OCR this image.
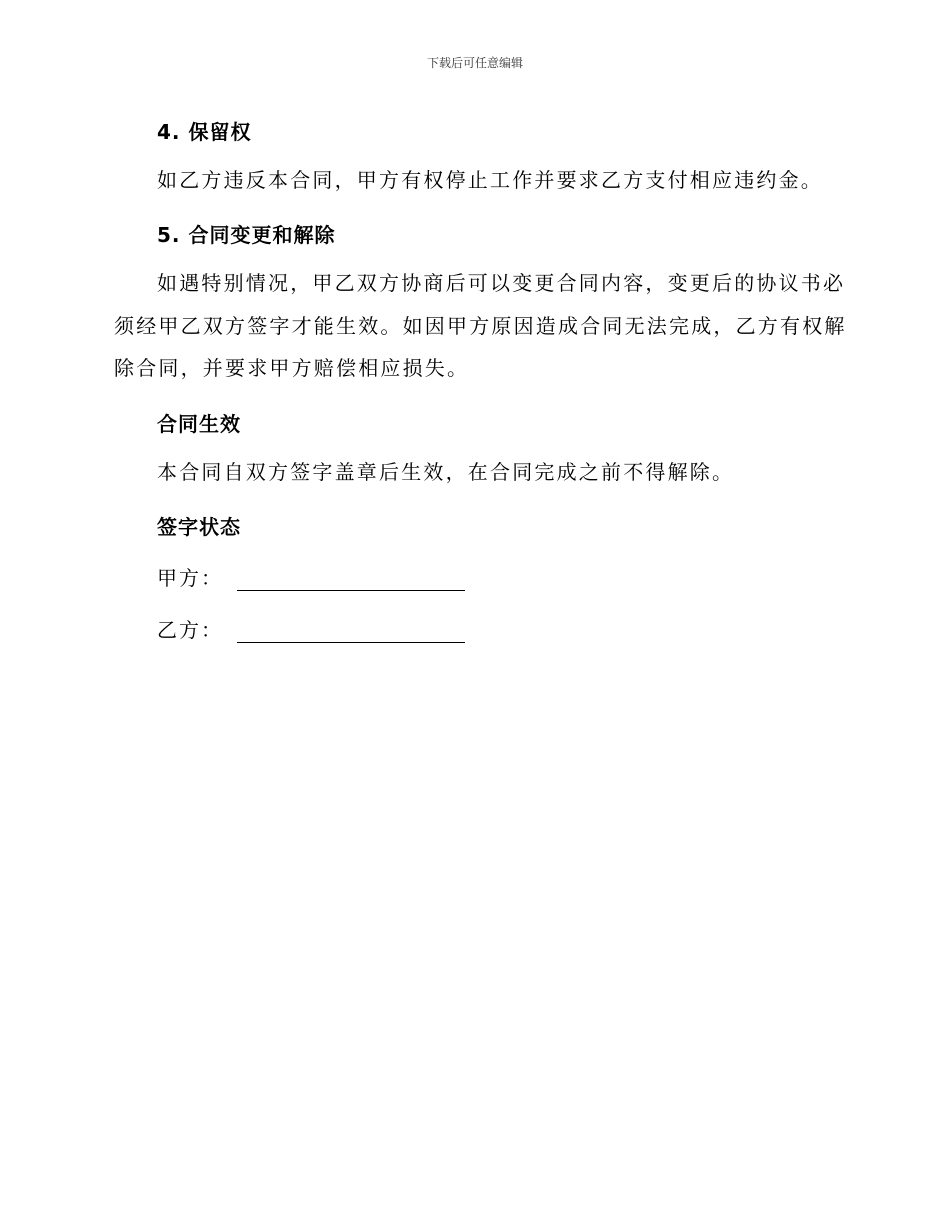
下载后可任意编辑
4. 保留权
如乙方违反本合同，甲方有权停止工作并要求乙方支付相应违约金。
5. 合同变更和解除
如遇特别情况，甲乙双方协商后可以变更合同内容，变更后的协议书必
须经甲乙双方签字才能生效。如因甲方原因造成合同无法完成，乙方有权解
除合同，并要求甲方赔偿相应损失。
合同生效
本合同自双方签字盖章后生效，在合同完成之前不得解除。
签字状态
甲方：
乙方：
